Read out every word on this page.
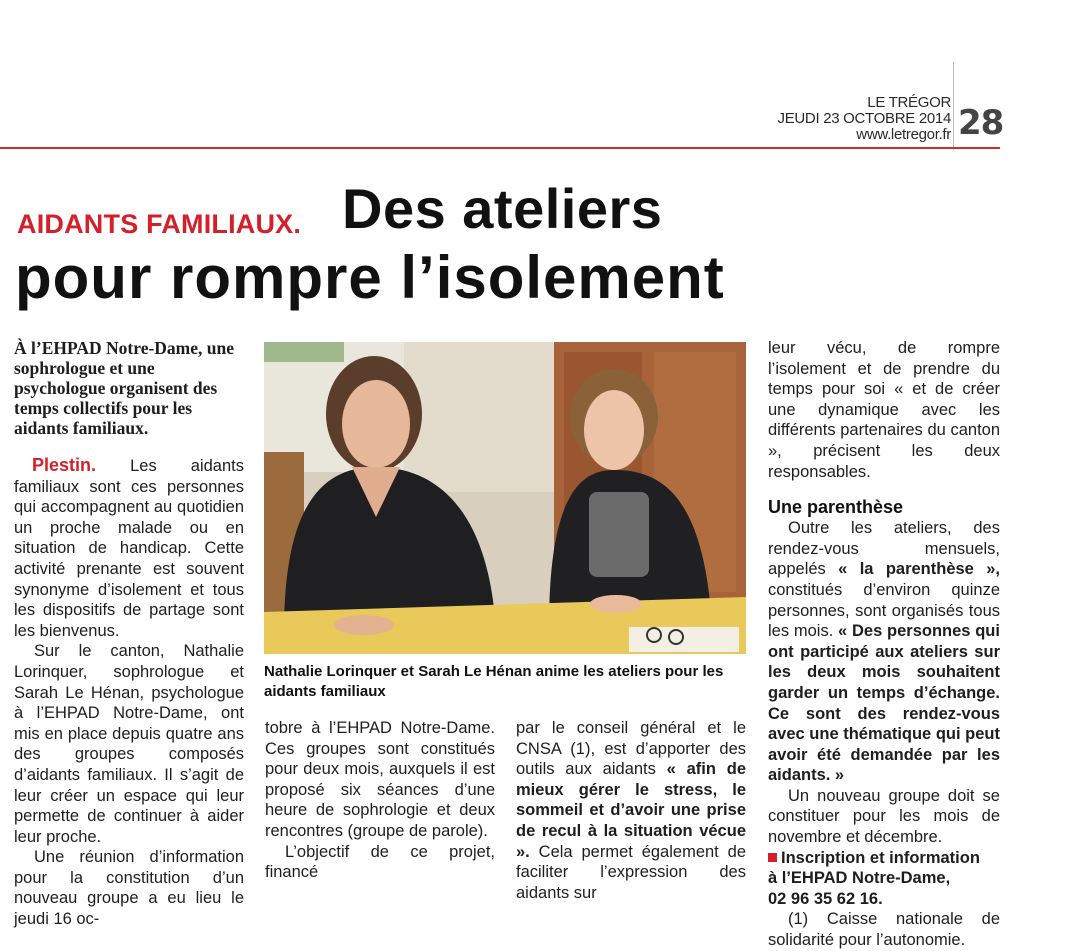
LE TRÉGOR
JEUDI 23 OCTOBRE 2014
www.letregor.fr 28
AIDANTS FAMILIAUX. Des ateliers
pour rompre l’isolement
À l’EHPAD Notre-Dame, une sophrologue et une psychologue organisent des temps collectifs pour les aidants familiaux.

Plestin. Les aidants familiaux sont ces personnes qui accompagnent au quotidien un proche malade ou en situation de handicap. Cette activité prenante est souvent synonyme d’isolement et tous les dispositifs de partage sont les bienvenus.

Sur le canton, Nathalie Lorinquer, sophrologue et Sarah Le Hénan, psychologue à l’EHPAD Notre-Dame, ont mis en place depuis quatre ans des groupes composés d’aidants familiaux. Il s’agit de leur créer un espace qui leur permette de continuer à aider leur proche.

Une réunion d’information pour la constitution d’un nouveau groupe a eu lieu le jeudi 16 oc-

Nathalie Lorinquer et Sarah Le Hénan anime les ateliers pour les aidants familiaux

tobre à l’EHPAD Notre-Dame. Ces groupes sont constitués pour deux mois, auxquels il est proposé six séances d’une heure de sophrologie et deux rencontres (groupe de parole).

L’objectif de ce projet, financé

par le conseil général et le CNSA (1), est d’apporter des outils aux aidants « afin de mieux gérer le stress, le sommeil et d’avoir une prise de recul à la situation vécue ». Cela permet également de faciliter l’expression des aidants sur

leur vécu, de rompre l’isolement et de prendre du temps pour soi « et de créer une dynamique avec les différents partenaires du canton », précisent les deux responsables.

Une parenthèse

Outre les ateliers, des rendez-vous mensuels, appelés « la parenthèse », constitués d’environ quinze personnes, sont organisés tous les mois. « Des personnes qui ont participé aux ateliers sur les deux mois souhaitent garder un temps d’échange. Ce sont des rendez-vous avec une thématique qui peut avoir été demandée par les aidants. »

Un nouveau groupe doit se constituer pour les mois de novembre et décembre.

Inscription et information
à l’EHPAD Notre-Dame,
02 96 35 62 16.

(1) Caisse nationale de solidarité pour l’autonomie.
